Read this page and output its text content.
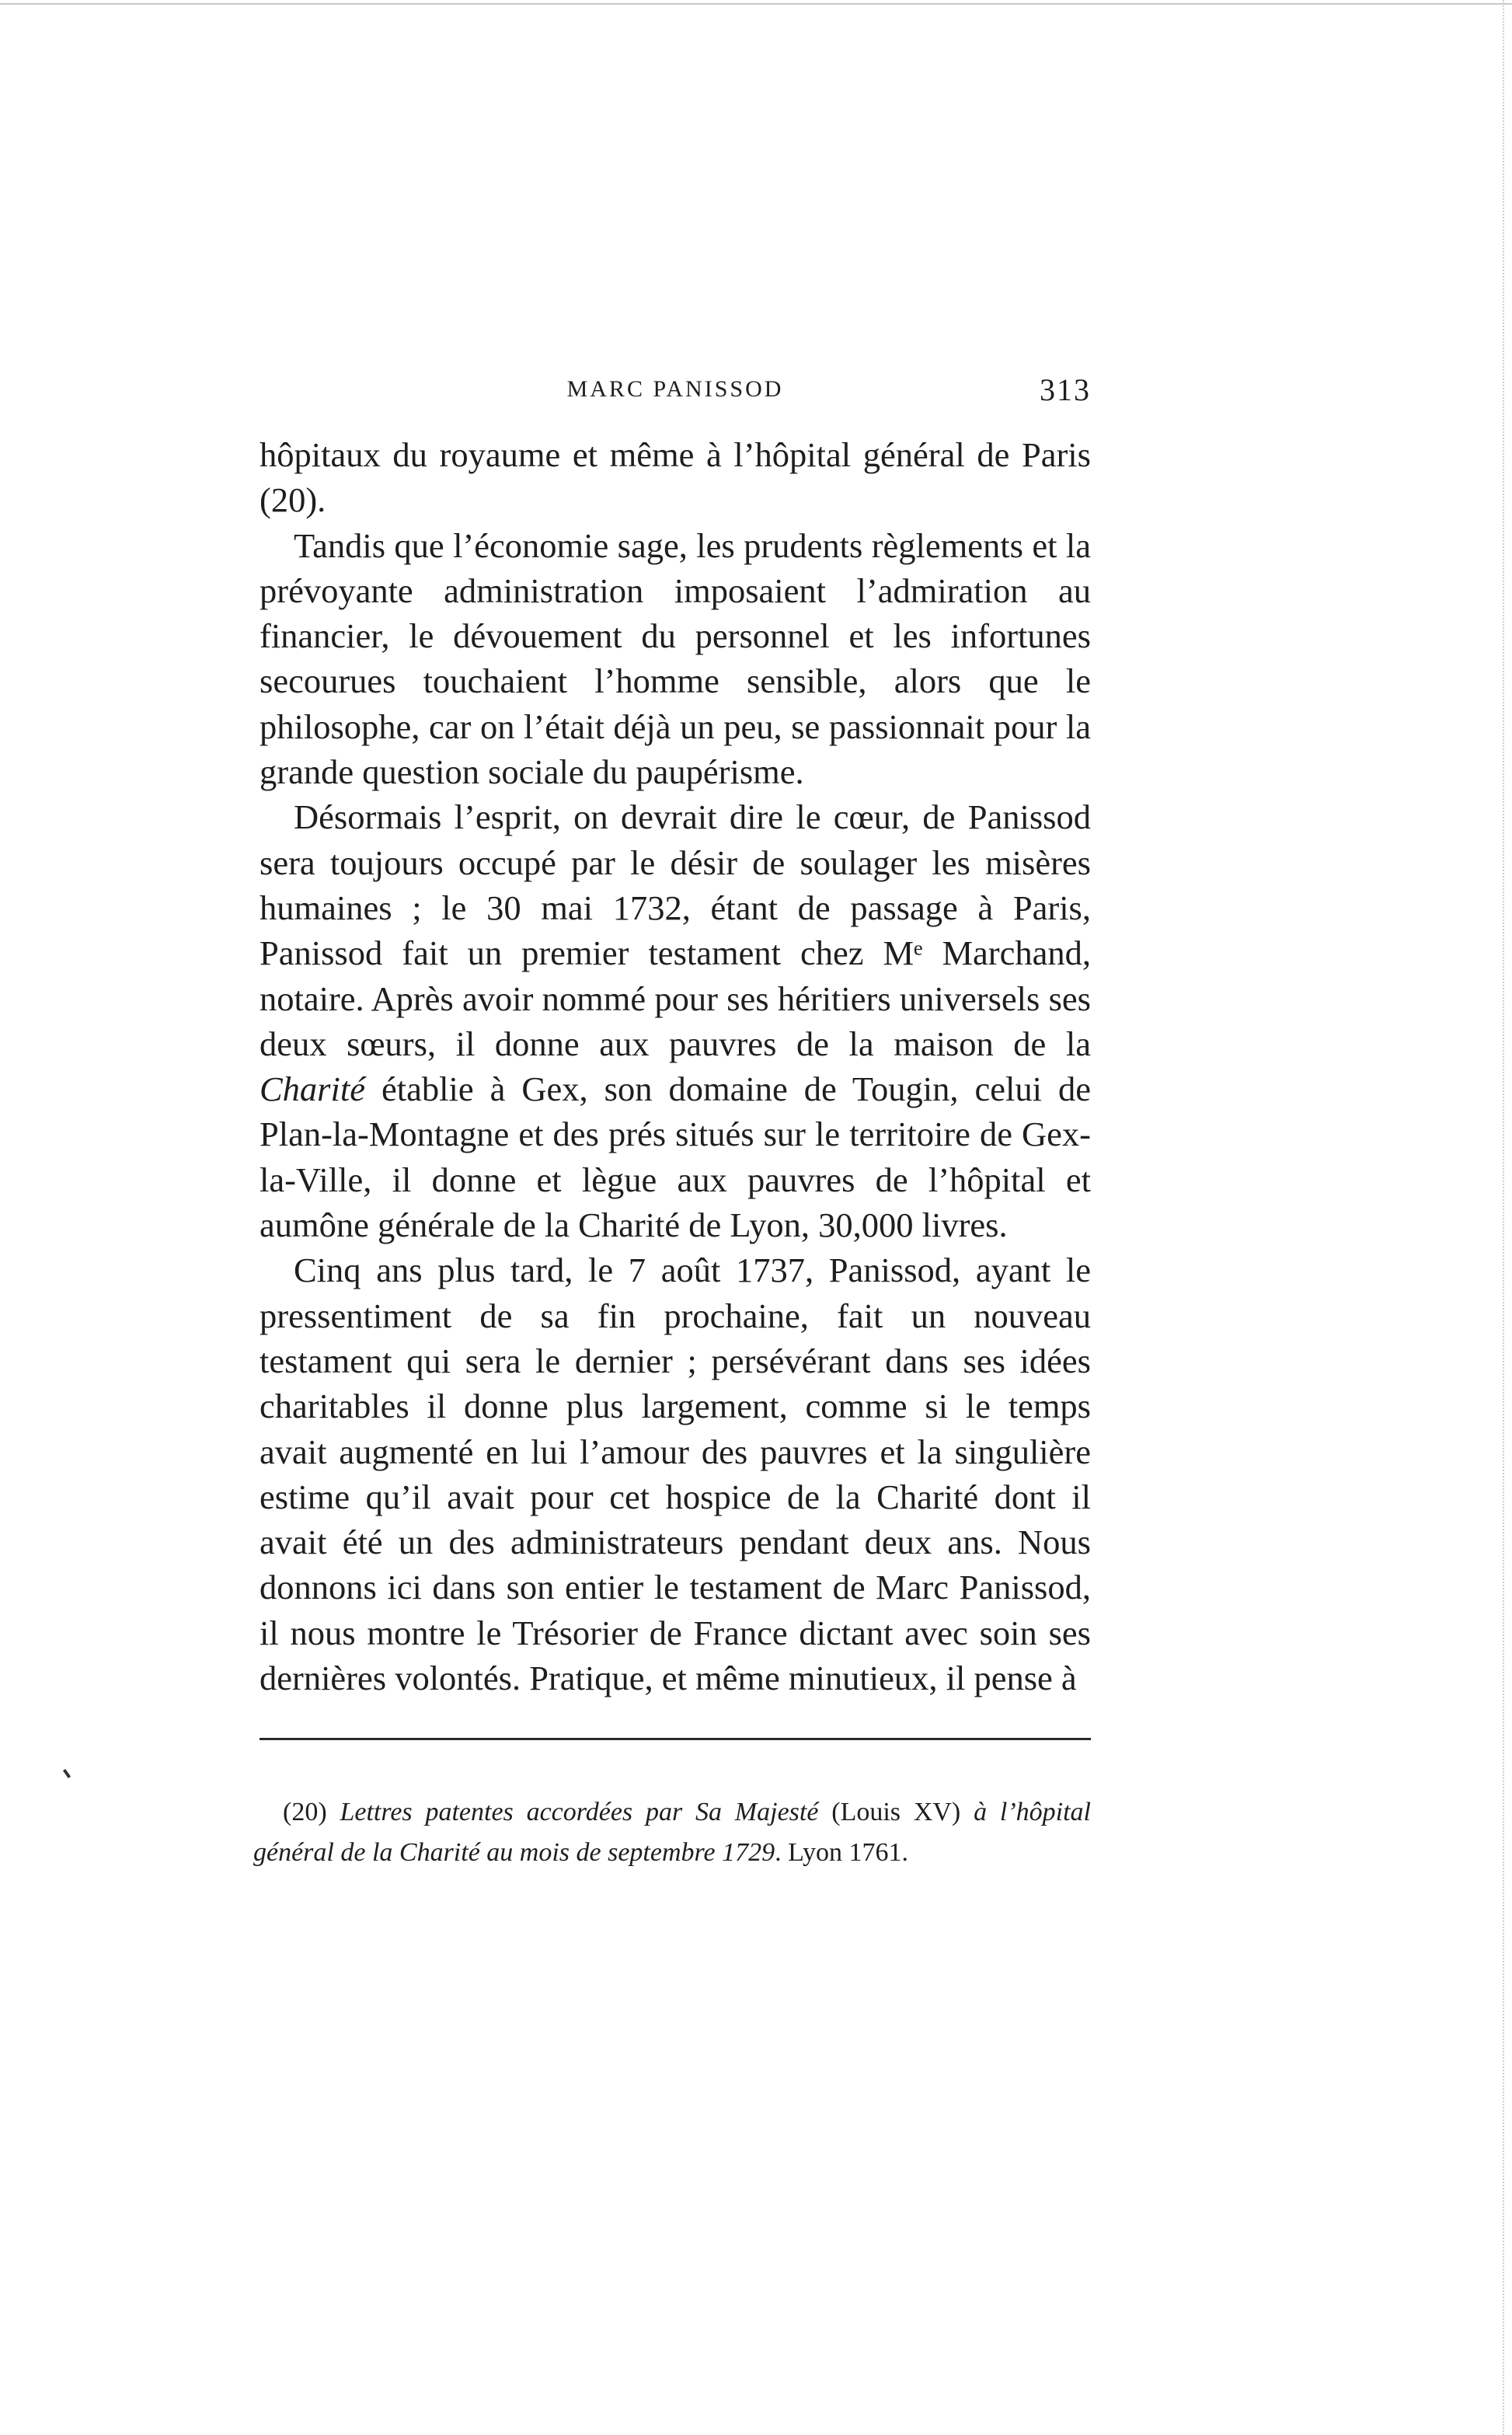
MARC PANISSOD	313

hôpitaux du royaume et même à l’hôpital général de Paris (20).

Tandis que l’économie sage, les prudents règlements et la prévoyante administration imposaient l’admiration au financier, le dévouement du personnel et les infortunes secourues touchaient l’homme sensible, alors que le philosophe, car on l’était déjà un peu, se passionnait pour la grande question sociale du paupérisme.

Désormais l’esprit, on devrait dire le cœur, de Panissod sera toujours occupé par le désir de soulager les misères humaines ; le 30 mai 1732, étant de passage à Paris, Panissod fait un premier testament chez Mᵉ Marchand, notaire. Après avoir nommé pour ses héritiers universels ses deux sœurs, il donne aux pauvres de la maison de la Charité établie à Gex, son domaine de Tougin, celui de Plan-la-Montagne et des prés situés sur le territoire de Gex-la-Ville, il donne et lègue aux pauvres de l’hôpital et aumône générale de la Charité de Lyon, 30,000 livres.

Cinq ans plus tard, le 7 août 1737, Panissod, ayant le pressentiment de sa fin prochaine, fait un nouveau testament qui sera le dernier ; persévérant dans ses idées charitables il donne plus largement, comme si le temps avait augmenté en lui l’amour des pauvres et la singulière estime qu’il avait pour cet hospice de la Charité dont il avait été un des administrateurs pendant deux ans. Nous donnons ici dans son entier le testament de Marc Panissod, il nous montre le Trésorier de France dictant avec soin ses dernières volontés. Pratique, et même minutieux, il pense à

(20) Lettres patentes accordées par Sa Majesté (Louis XV) à l’hôpital général de la Charité au mois de septembre 1729. Lyon 1761.
